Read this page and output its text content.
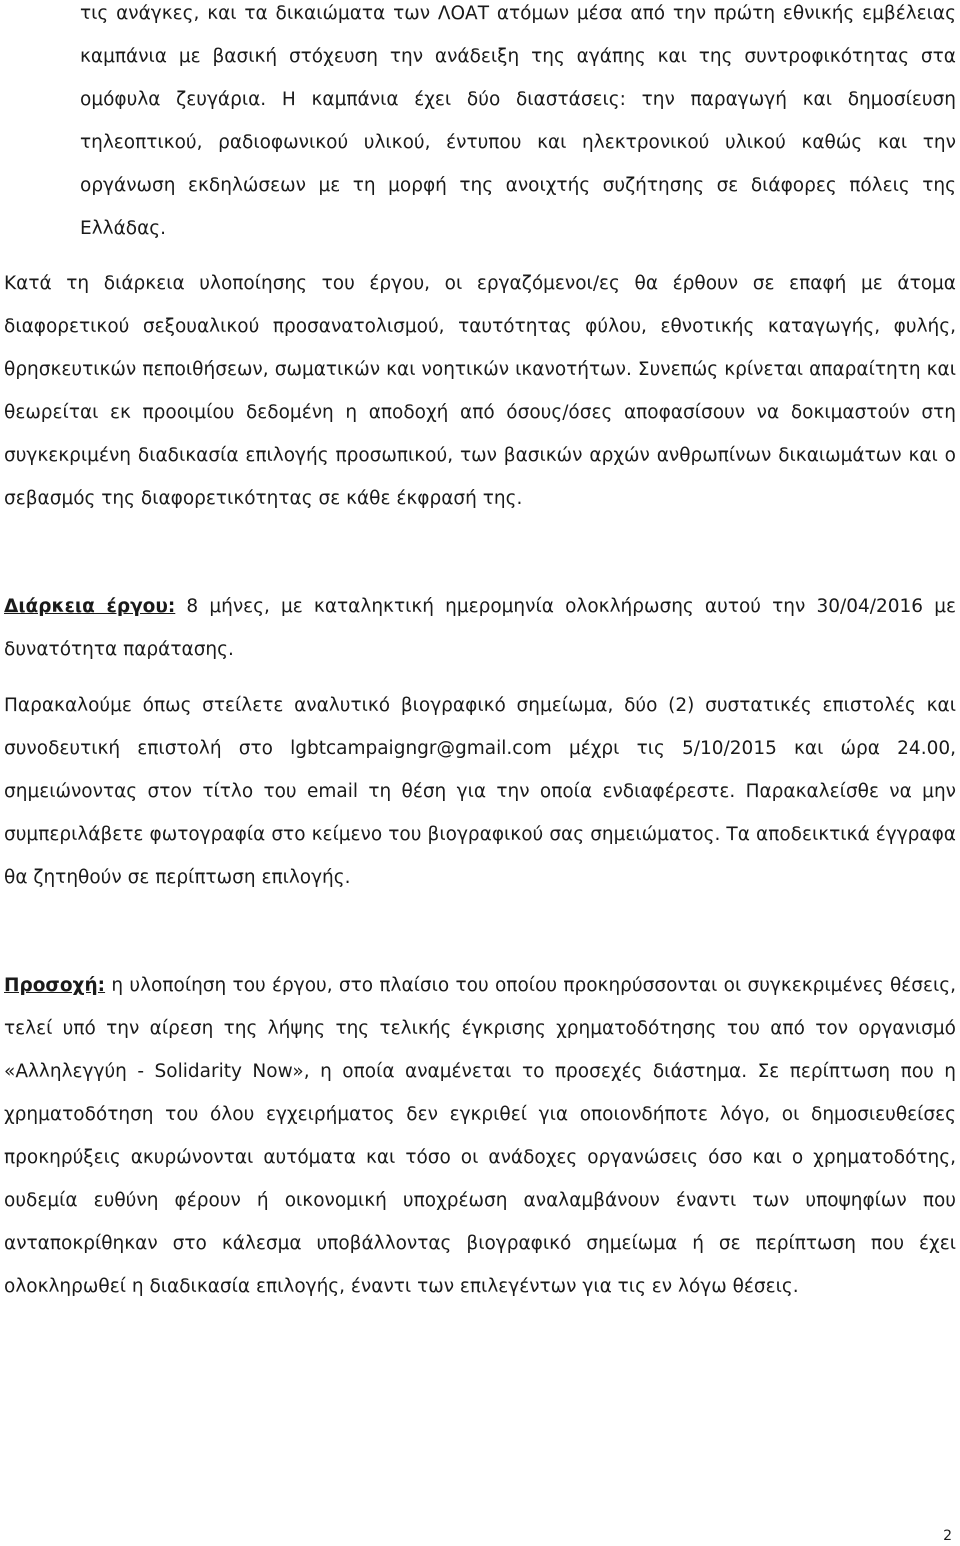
τις ανάγκες, και τα δικαιώματα των ΛΟΑΤ ατόμων μέσα από την πρώτη εθνικής εμβέλειας καμπάνια με βασική στόχευση την ανάδειξη της αγάπης και της συντροφικότητας στα ομόφυλα ζευγάρια. Η καμπάνια έχει δύο διαστάσεις: την παραγωγή και δημοσίευση τηλεοπτικού, ραδιοφωνικού υλικού, έντυπου και ηλεκτρονικού υλικού καθώς και την οργάνωση εκδηλώσεων με τη μορφή της ανοιχτής συζήτησης σε διάφορες πόλεις της Ελλάδας.

Κατά τη διάρκεια υλοποίησης του έργου, οι εργαζόμενοι/ες θα έρθουν σε επαφή με άτομα διαφορετικού σεξουαλικού προσανατολισμού, ταυτότητας φύλου, εθνοτικής καταγωγής, φυλής, θρησκευτικών πεποιθήσεων, σωματικών και νοητικών ικανοτήτων. Συνεπώς κρίνεται απαραίτητη και θεωρείται εκ προοιμίου δεδομένη η αποδοχή από όσους/όσες αποφασίσουν να δοκιμαστούν στη συγκεκριμένη διαδικασία επιλογής προσωπικού, των βασικών αρχών ανθρωπίνων δικαιωμάτων και ο σεβασμός της διαφορετικότητας σε κάθε έκφρασή της.

Διάρκεια έργου: 8 μήνες, με καταληκτική ημερομηνία ολοκλήρωσης αυτού την 30/04/2016 με δυνατότητα παράτασης.

Παρακαλούμε όπως στείλετε αναλυτικό βιογραφικό σημείωμα, δύο (2) συστατικές επιστολές και συνοδευτική επιστολή στο lgbtcampaigngr@gmail.com μέχρι τις 5/10/2015 και ώρα 24.00, σημειώνοντας στον τίτλο του email τη θέση για την οποία ενδιαφέρεστε. Παρακαλείσθε να μην συμπεριλάβετε φωτογραφία στο κείμενο του βιογραφικού σας σημειώματος. Τα αποδεικτικά έγγραφα θα ζητηθούν σε περίπτωση επιλογής.

Προσοχή: η υλοποίηση του έργου, στο πλαίσιο του οποίου προκηρύσσονται οι συγκεκριμένες θέσεις, τελεί υπό την αίρεση της λήψης της τελικής έγκρισης χρηματοδότησης του από τον οργανισμό «Αλληλεγγύη - Solidarity Now», η οποία αναμένεται το προσεχές διάστημα. Σε περίπτωση που η χρηματοδότηση του όλου εγχειρήματος δεν εγκριθεί για οποιονδήποτε λόγο, οι δημοσιευθείσες προκηρύξεις ακυρώνονται αυτόματα και τόσο οι ανάδοχες οργανώσεις όσο και ο χρηματοδότης, ουδεμία ευθύνη φέρουν ή οικονομική υποχρέωση αναλαμβάνουν έναντι των υποψηφίων που ανταποκρίθηκαν στο κάλεσμα υποβάλλοντας βιογραφικό σημείωμα ή σε περίπτωση που έχει ολοκληρωθεί η διαδικασία επιλογής, έναντι των επιλεγέντων για τις εν λόγω θέσεις.

2
